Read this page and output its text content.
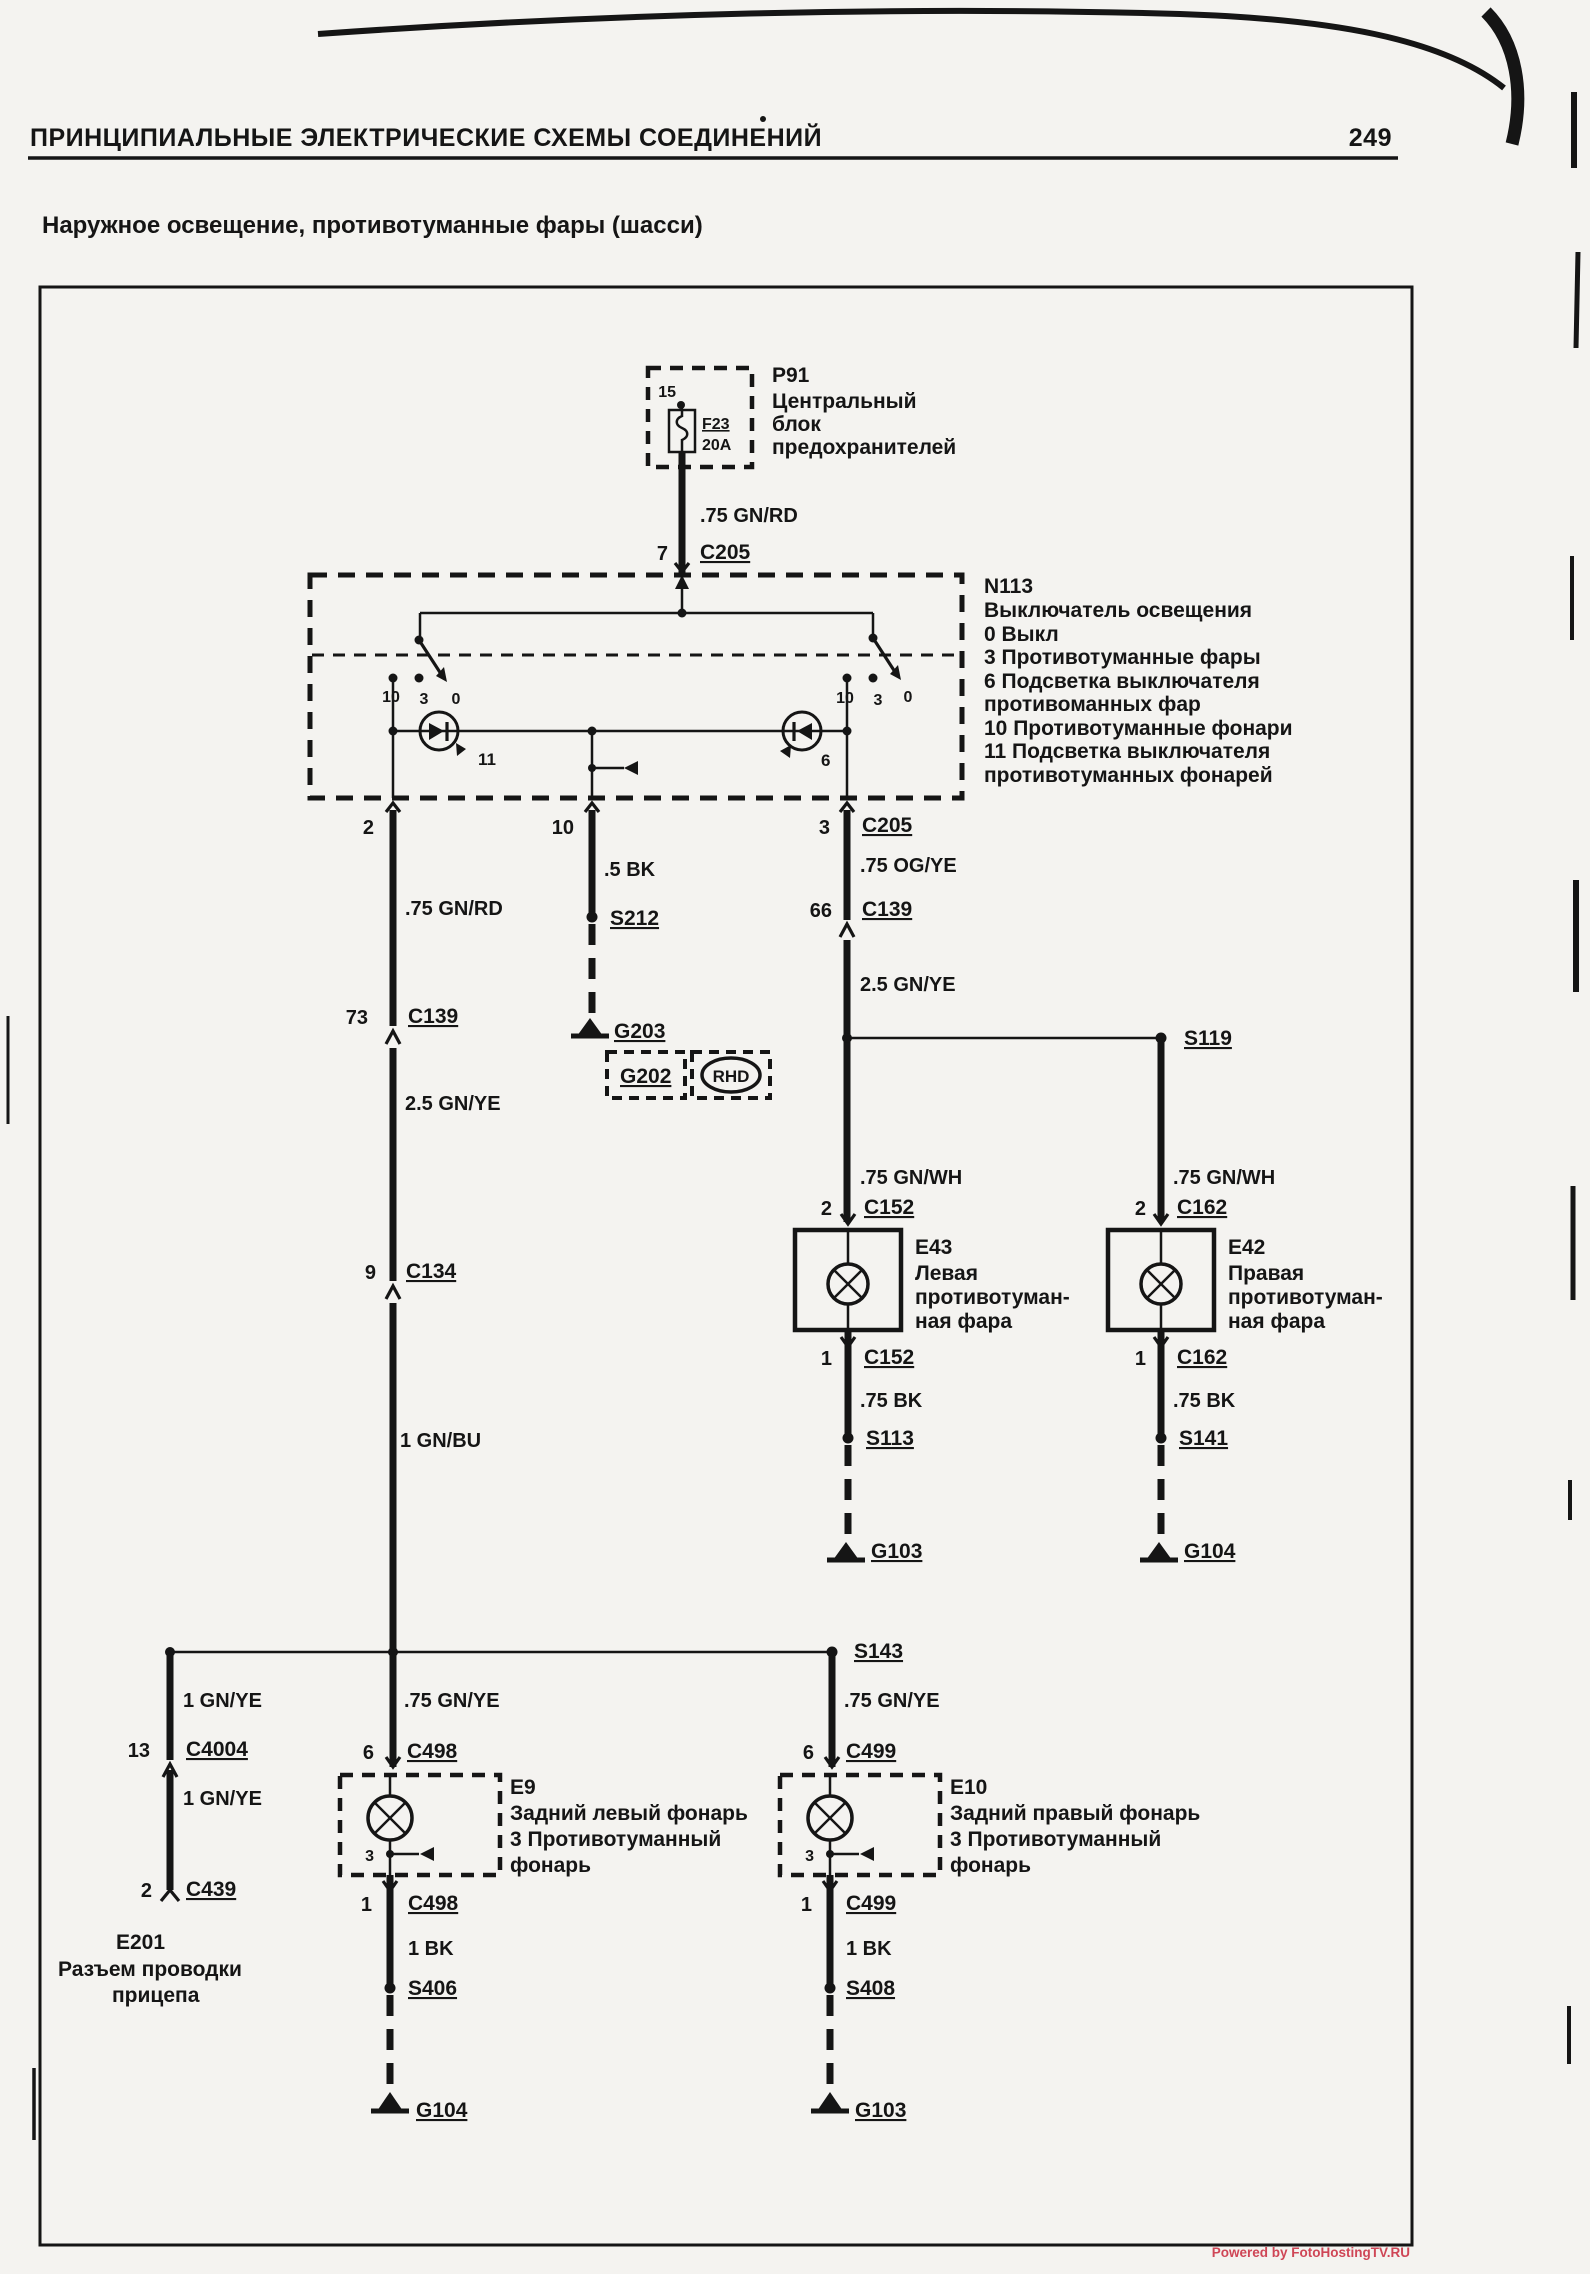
ПРИНЦИПИАЛЬНЫЕ ЭЛЕКТРИЧЕСКИЕ СХЕМЫ СОЕДИНЕНИЙ	249
Наружное освещение, противотуманные фары (шасси)
15
F23
20A
P91
Центральный
блок
предохранителей
.75 GN/RD
7 C205
10 3 0	10 3 0
11	6
N113
Выключатель освещения
0 Выкл
3 Противотуманные фары
6 Подсветка выключателя
противоманных фар
10 Противотуманные фонари
11 Подсветка выключателя
противотуманных фонарей
2	10	3 C205
.75 GN/RD
73 C139
2.5 GN/YE
9 C134
1 GN/BU
.75 GN/YE
6 C498
.5 BK
S212
G203
G202 RHD
.75 OG/YE
66 C139
2.5 GN/YE
S119
.75 GN/WH
2 C152
E43
Левая
противотуман-
ная фара
1 C152
.75 BK
S113
G103
.75 GN/WH
2 C162
E42
Правая
противотуман-
ная фара
1 C162
.75 BK
S141
G104
1 GN/YE
13 C4004
1 GN/YE
2 C439
E201
Разъем проводки
прицепа
3
E9
Задний левый фонарь
3 Противотуманный
фонарь
1 C498
1 BK
S406
G104
S143
.75 GN/YE
6 C499
3
E10
Задний правый фонарь
3 Противотуманный
фонарь
1 C499
1 BK
S408
G103
Powered by FotoHostingTV.RU
